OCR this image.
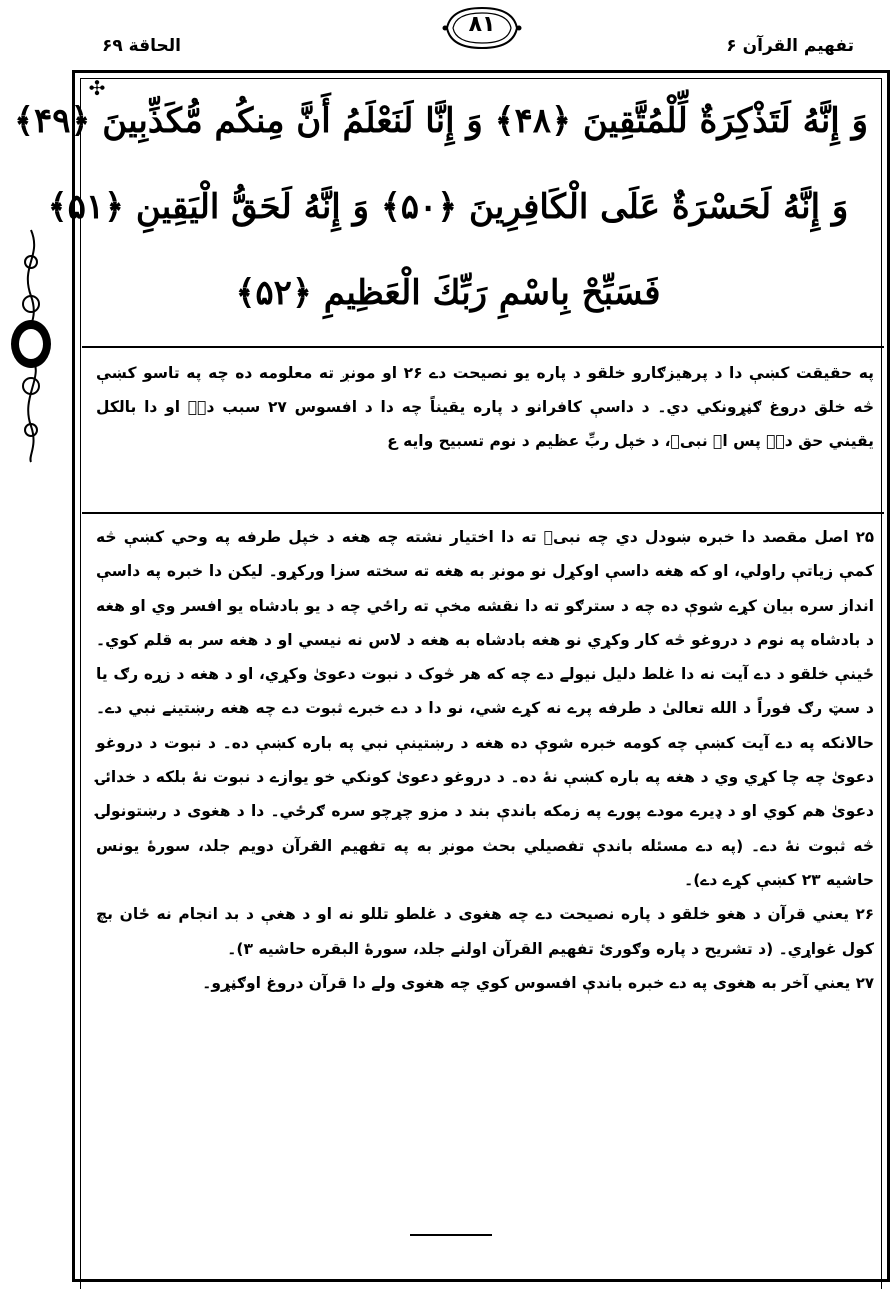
تفهیم القرآن ۶
الحاقة ۶۹
۸۱
✣
وَ إِنَّهُ لَتَذْكِرَةٌ لِّلْمُتَّقِينَ ﴿۴۸﴾ وَ إِنَّا لَنَعْلَمُ أَنَّ مِنكُم مُّكَذِّبِينَ ﴿۴۹﴾
وَ إِنَّهُ لَحَسْرَةٌ عَلَى الْكَافِرِينَ ﴿۵۰﴾ وَ إِنَّهُ لَحَقُّ الْيَقِينِ ﴿۵۱﴾
فَسَبِّحْ بِاسْمِ رَبِّكَ الْعَظِيمِ ﴿۵۲﴾
په حقیقت کښې دا د پرهیزګارو خلقو د پاره یو نصیحت دے ۲۶ او مونږ ته معلومه ده چه په تاسو کښې څه خلق دروغ ګڼړونکي دي۔ د داسې کافرانو د پاره یقیناً چه دا د افسوس ۲۷ سبب دے۔ او دا بالکل یقیني حق دے۔ پس اے نبیؐ، د خپل ربِّ عظیم د نوم تسبیح وایه ع

۲۵ اصل مقصد دا خبره ښودل دي چه نبیؐ ته دا اختیار نشته چه هغه د خپل طرفه په وحي کښې څه کمې زیاتې راولي، او که هغه داسې اوکړل نو مونږ به هغه ته سخته سزا ورکړو۔ لیکن دا خبره په داسې انداز سره بیان کړے شوې ده چه د سترګو ته دا نقشه مخې ته راځي چه د یو بادشاه یو افسر وي او هغه د بادشاه په نوم د دروغو څه کار وکړي نو هغه بادشاه به هغه د لاس نه نیسي او د هغه سر به قلم کوي۔ ځینې خلقو د دے آیت نه دا غلط دلیل نیولے دے چه که هر څوک د نبوت دعویٰ وکړي، او د هغه د زړه رګ یا د سټ رګ فوراً د الله تعالیٰ د طرفه پرے نه کړے شي، نو دا د دے خبرے ثبوت دے چه هغه رښتینے نبي دے۔ حالانکه په دے آیت کښې چه کومه خبره شوې ده هغه د رښتینې نبي په باره کښې ده۔ د نبوت د دروغو دعویٰ چه چا کړي وي د هغه په باره کښې نۀ ده۔ د دروغو دعویٰ کونکي خو یوازے د نبوت نۀ بلکه د خدائۍ دعویٰ هم کوي او د ډیرے مودے پورے په زمکه باندې بند د مزو چړچو سره ګرځي۔ دا د هغوی د رښتونولۍ څه ثبوت نۀ دے۔ (په دے مسئله باندې تفصیلي بحث مونږ به په تفهیم القرآن دویم جلد، سورهٔ یونس حاشیه ۲۳ کښې کړے دے)۔

۲۶ یعني قرآن د هغو خلقو د پاره نصیحت دے چه هغوی د غلطو تللو نه او د هغې د بد انجام نه ځان بچ کول غواړي۔ (د تشریح د پاره وګورئ تفهیم القرآن اولنے جلد، سورهٔ البقره حاشیه ۳)۔

۲۷ یعني آخر به هغوی په دے خبره باندې افسوس کوي چه هغوی ولے دا قرآن دروغ اوګڼړو۔
